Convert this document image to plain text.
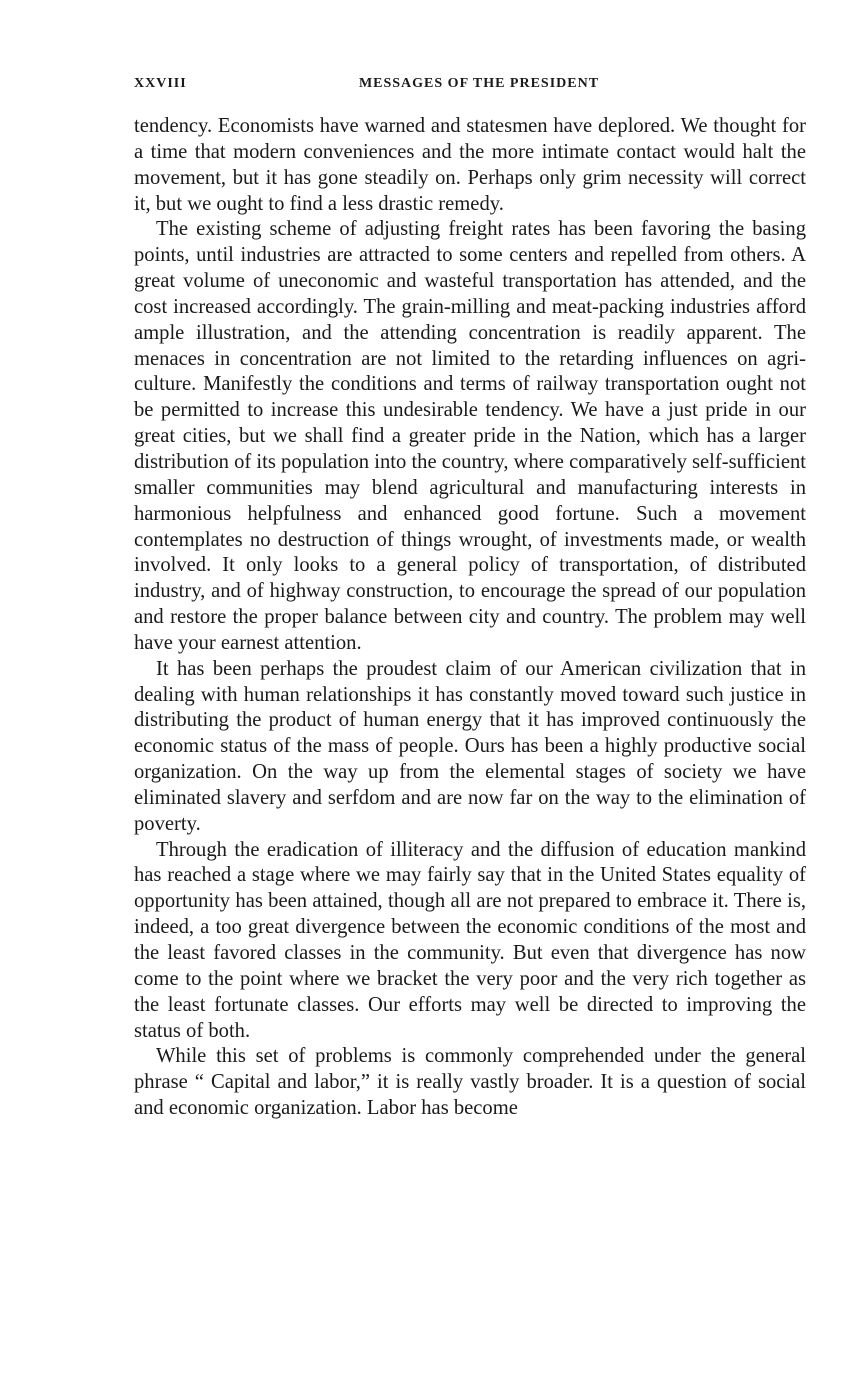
XXVIII	MESSAGES OF THE PRESIDENT

tendency. Economists have warned and statesmen have deplored. We thought for a time that modern conveniences and the more intimate contact would halt the movement, but it has gone steadily on. Perhaps only grim necessity will correct it, but we ought to find a less drastic remedy.

The existing scheme of adjusting freight rates has been favoring the basing points, until industries are attracted to some centers and repelled from others. A great volume of uneconomic and wasteful transportation has attended, and the cost increased accordingly. The grain-milling and meat-packing industries afford ample illustration, and the attending concentration is readily apparent. The menaces in concentration are not limited to the retarding influences on agriculture. Manifestly the conditions and terms of railway transportation ought not be permitted to increase this undesirable tendency. We have a just pride in our great cities, but we shall find a greater pride in the Nation, which has a larger distribution of its population into the country, where comparatively self-sufficient smaller communities may blend agricultural and manufacturing interests in harmonious helpfulness and enhanced good fortune. Such a movement contemplates no destruction of things wrought, of investments made, or wealth involved. It only looks to a general policy of transportation, of distributed industry, and of highway construction, to encourage the spread of our population and restore the proper balance between city and country. The problem may well have your earnest attention.

It has been perhaps the proudest claim of our American civilization that in dealing with human relationships it has constantly moved toward such justice in distributing the product of human energy that it has improved continuously the economic status of the mass of people. Ours has been a highly productive social organization. On the way up from the elemental stages of society we have eliminated slavery and serfdom and are now far on the way to the elimination of poverty.

Through the eradication of illiteracy and the diffusion of education mankind has reached a stage where we may fairly say that in the United States equality of opportunity has been attained, though all are not prepared to embrace it. There is, indeed, a too great divergence between the economic conditions of the most and the least favored classes in the community. But even that divergence has now come to the point where we bracket the very poor and the very rich together as the least fortunate classes. Our efforts may well be directed to improving the status of both.

While this set of problems is commonly comprehended under the general phrase “ Capital and labor,” it is really vastly broader. It is a question of social and economic organization. Labor has become
